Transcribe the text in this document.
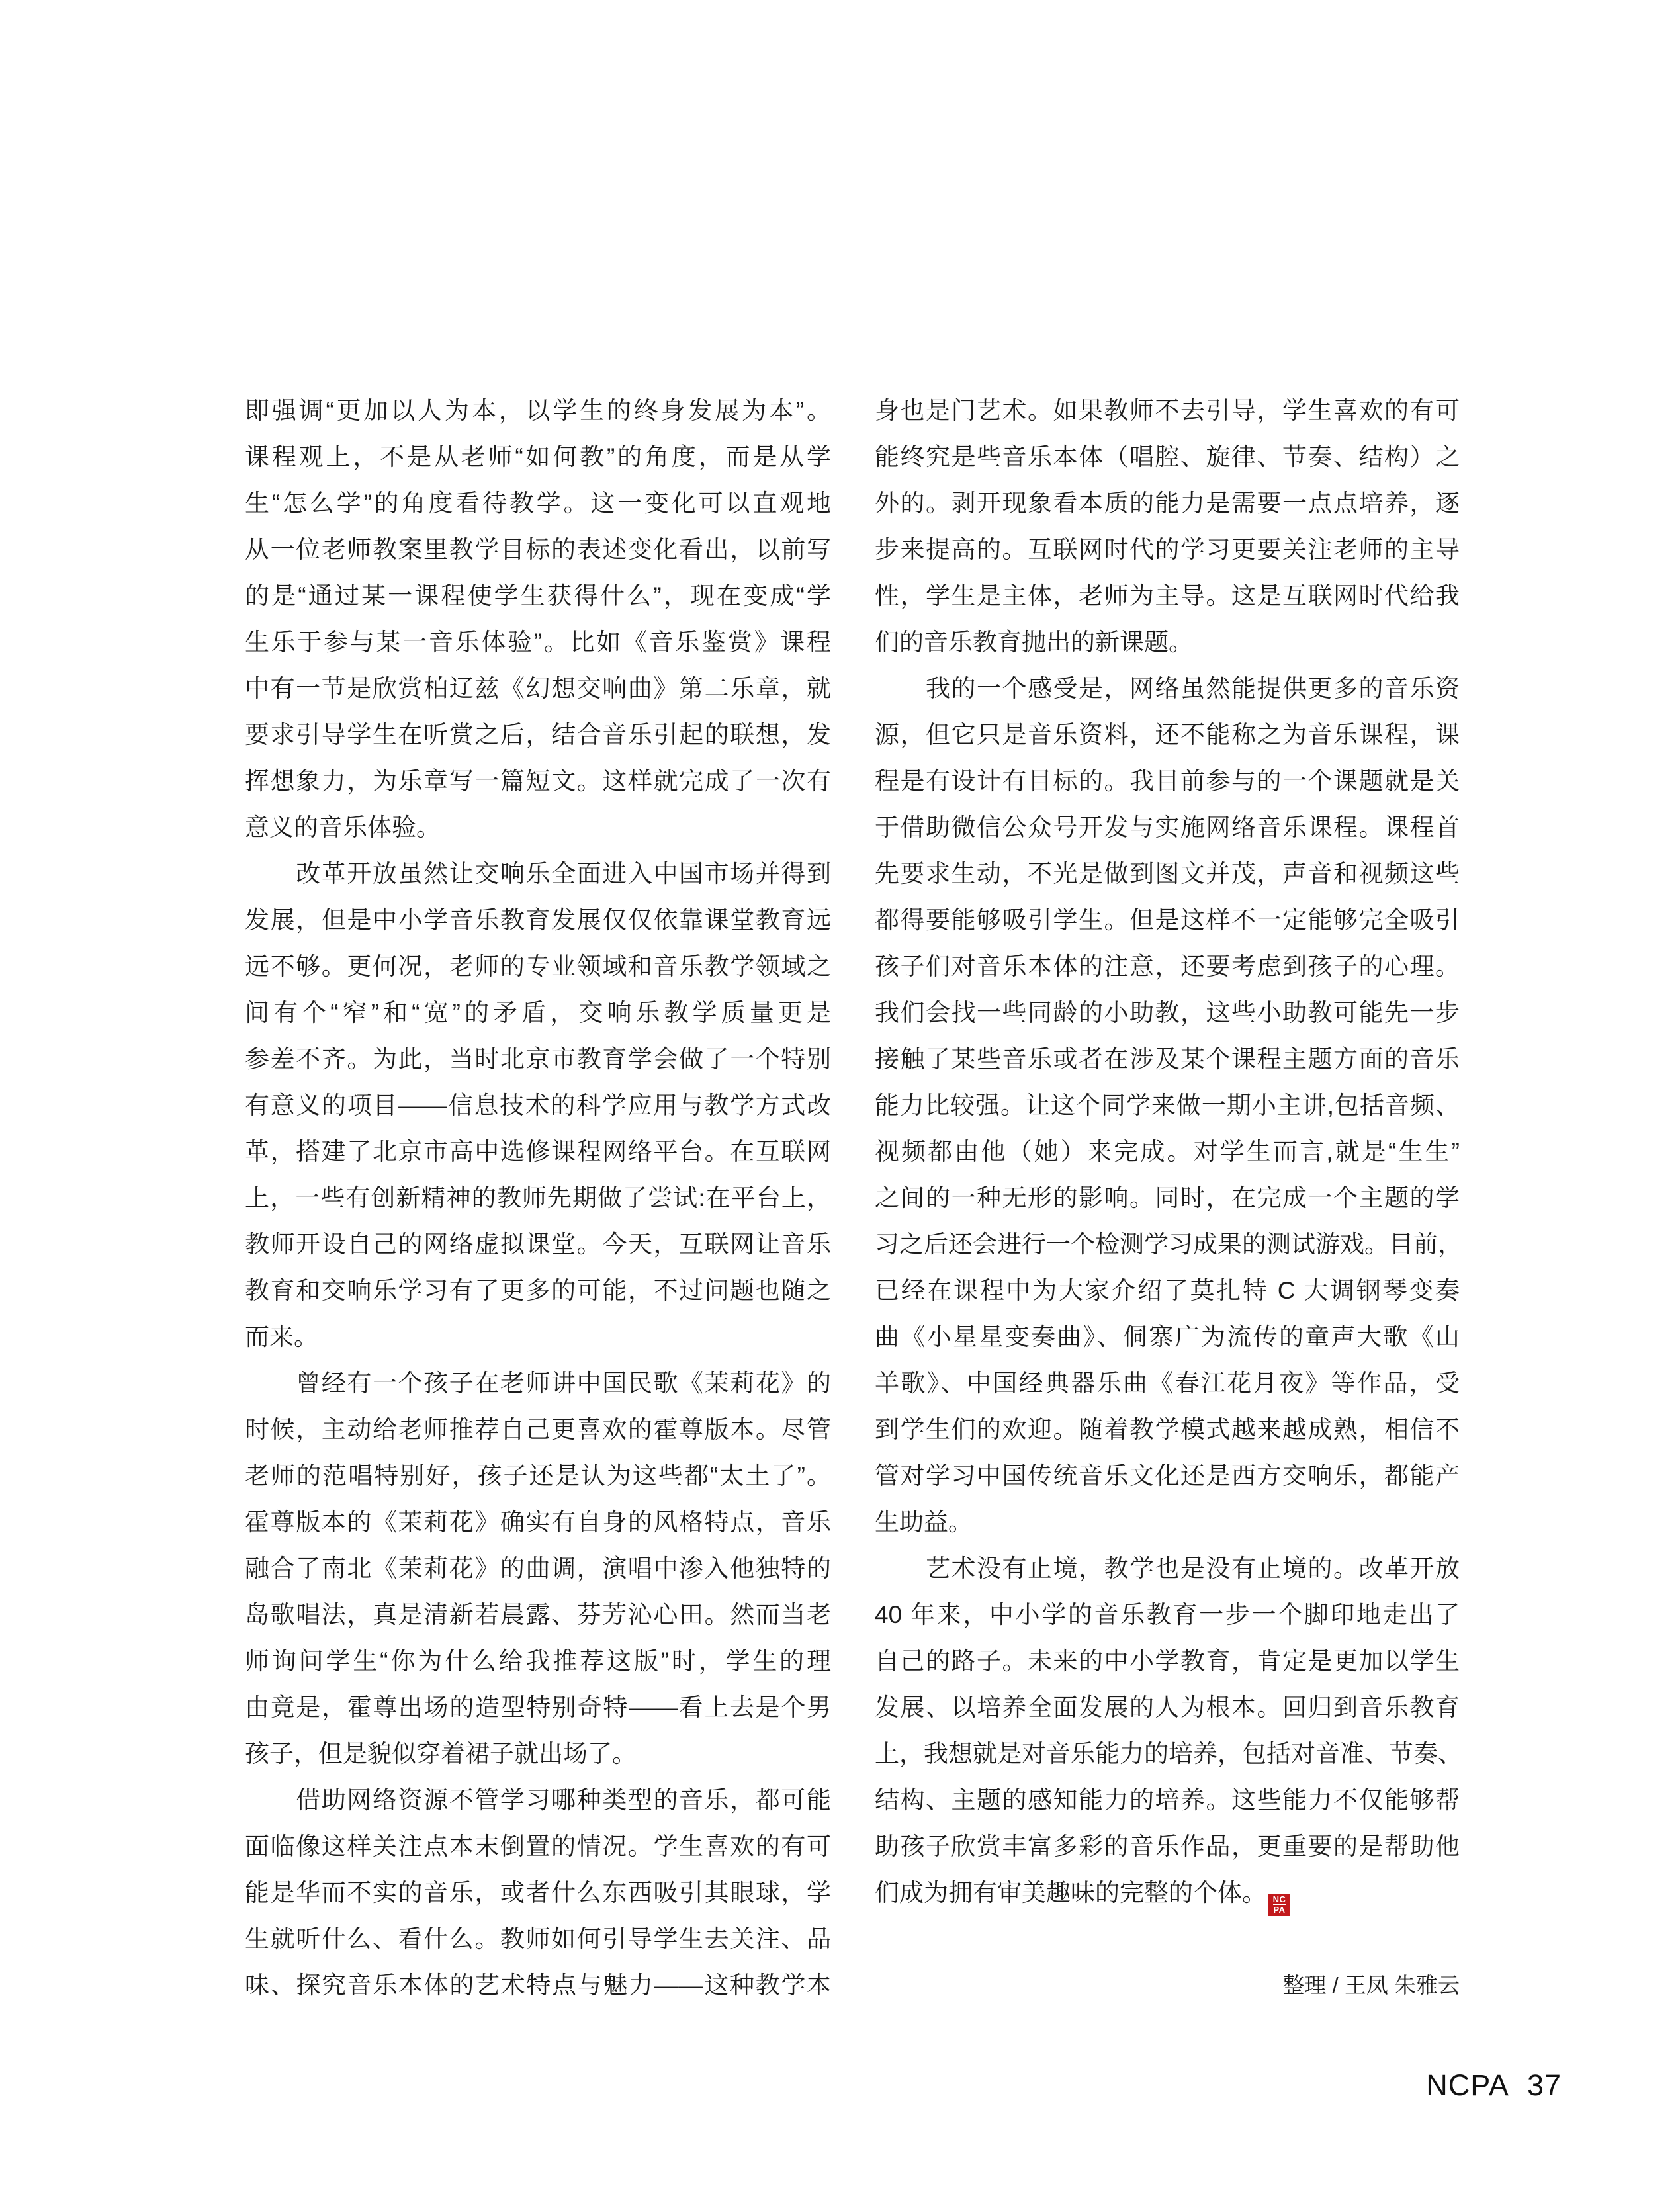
即强调“更加以人为本，以学生的终身发展为本”。
课程观上，不是从老师“如何教”的角度，而是从学
生“怎么学”的角度看待教学。这一变化可以直观地
从一位老师教案里教学目标的表述变化看出，以前写
的是“通过某一课程使学生获得什么”，现在变成“学
生乐于参与某一音乐体验”。比如《音乐鉴赏》课程
中有一节是欣赏柏辽兹《幻想交响曲》第二乐章，就
要求引导学生在听赏之后，结合音乐引起的联想，发
挥想象力，为乐章写一篇短文。这样就完成了一次有
意义的音乐体验。
　　改革开放虽然让交响乐全面进入中国市场并得到
发展，但是中小学音乐教育发展仅仅依靠课堂教育远
远不够。更何况，老师的专业领域和音乐教学领域之
间有个“窄”和“宽”的矛盾，交响乐教学质量更是
参差不齐。为此，当时北京市教育学会做了一个特别
有意义的项目——信息技术的科学应用与教学方式改
革，搭建了北京市高中选修课程网络平台。在互联网
上，一些有创新精神的教师先期做了尝试:在平台上，
教师开设自己的网络虚拟课堂。今天，互联网让音乐
教育和交响乐学习有了更多的可能，不过问题也随之
而来。
　　曾经有一个孩子在老师讲中国民歌《茉莉花》的
时候，主动给老师推荐自己更喜欢的霍尊版本。尽管
老师的范唱特别好，孩子还是认为这些都“太土了”。
霍尊版本的《茉莉花》确实有自身的风格特点，音乐
融合了南北《茉莉花》的曲调，演唱中渗入他独特的
岛歌唱法，真是清新若晨露、芬芳沁心田。然而当老
师询问学生“你为什么给我推荐这版”时，学生的理
由竟是，霍尊出场的造型特别奇特——看上去是个男
孩子，但是貌似穿着裙子就出场了。
　　借助网络资源不管学习哪种类型的音乐，都可能
面临像这样关注点本末倒置的情况。学生喜欢的有可
能是华而不实的音乐，或者什么东西吸引其眼球，学
生就听什么、看什么。教师如何引导学生去关注、品
味、探究音乐本体的艺术特点与魅力——这种教学本
身也是门艺术。如果教师不去引导，学生喜欢的有可
能终究是些音乐本体（唱腔、旋律、节奏、结构）之
外的。剥开现象看本质的能力是需要一点点培养，逐
步来提高的。互联网时代的学习更要关注老师的主导
性，学生是主体，老师为主导。这是互联网时代给我
们的音乐教育抛出的新课题。
　　我的一个感受是，网络虽然能提供更多的音乐资
源，但它只是音乐资料，还不能称之为音乐课程，课
程是有设计有目标的。我目前参与的一个课题就是关
于借助微信公众号开发与实施网络音乐课程。课程首
先要求生动，不光是做到图文并茂，声音和视频这些
都得要能够吸引学生。但是这样不一定能够完全吸引
孩子们对音乐本体的注意，还要考虑到孩子的心理。
我们会找一些同龄的小助教，这些小助教可能先一步
接触了某些音乐或者在涉及某个课程主题方面的音乐
能力比较强。让这个同学来做一期小主讲,包括音频、
视频都由他（她）来完成。对学生而言,就是“生生”
之间的一种无形的影响。同时，在完成一个主题的学
习之后还会进行一个检测学习成果的测试游戏。目前，
已经在课程中为大家介绍了莫扎特 C 大调钢琴变奏
曲《小星星变奏曲》、侗寨广为流传的童声大歌《山
羊歌》、中国经典器乐曲《春江花月夜》等作品，受
到学生们的欢迎。随着教学模式越来越成熟，相信不
管对学习中国传统音乐文化还是西方交响乐，都能产
生助益。
　　艺术没有止境，教学也是没有止境的。改革开放
40 年来，中小学的音乐教育一步一个脚印地走出了
自己的路子。未来的中小学教育，肯定是更加以学生
发展、以培养全面发展的人为根本。回归到音乐教育
上，我想就是对音乐能力的培养，包括对音准、节奏、
结构、主题的感知能力的培养。这些能力不仅能够帮
助孩子欣赏丰富多彩的音乐作品，更重要的是帮助他
们成为拥有审美趣味的完整的个体。 $\frac{NC}{PA}$
整理 / 王凤 朱雅云
NCPA 37
